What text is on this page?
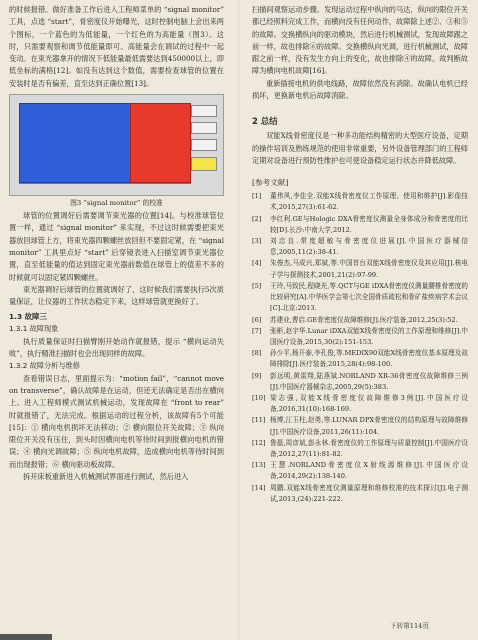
的时候报错。做好准备工作后进入工程师菜单的 “signal monitor” 工具，点选 “start”，骨密度仪开始曝光，这时控制电脑上会出来两个图标，一个蓝色的为低能量，一个红色的为高能量（图3）。这时，只需要观察和调节低能量即可。高能量会在调试的过程中一起变动。在束光器拿开的情况下低能量最低需要达到450000以上，即低坐标的满格[12]。如没有达到这个数值，需要检查球管的位置在安装时是否有偏差，直至达到正确位置[13]。

图3 “signal monitor” 的校准

球管的位置调好后需要调节束光器的位置[14]。与校准球管位置一样，通过 “signal monitor” 来实现，不过这时候需要把束光器放回球管上方，将束光器四颗螺丝放回但不要固定紧，在 “signal monitor” 工具里点好 “start” 后穿镜表进入扫描室调节束光器位置，直至低能量的值达到固定束光器前数值在球管上的值差不多的时候就可以固定紧四颗螺丝。

束光器调好后球管的位置就调好了，这时候我们需要执行5次质量保证，让仪器的工作状态稳定下来，这样球管就更换好了。

1.3 故障三

1.3.1 故障现象

执行质量保证时扫描臂刚开始动作就报错，提示 “横向运动失败”，执行精准扫描时也会出现同样的故障。

1.3.2 故障分析与维修

查看错误日志，里面提示为：“motion fail”，“cannot move on transverse”，确认故障是在运动，但还无法确定是否出在横向上。进入工程师模式测试机械运动，发现故障在 “front to rear” 时就报错了，无法完成。根据运动的过程分析，该故障有5个可能[15]：① 横向电机损坏无法移动；② 横向限位开关故障；③ 纵向限位开关没有压住，到头时因横向电机等待时间到报横向电机的错误；④ 横向光调故障；⑤ 纵向电机故障，造成横向电机等待时间到而出现报错；⑥ 横向驱动板故障。

拆开床板重新进入机械测试界面进行测试，然后进入

扫描间观察运动步骤。发现运动过程中纵向的马达，纵向的限位开关都已经照料完成工作，而横向没有任何动作，故障除上述②、③和⑤的故障。交换横纵向的驱动模块，然后进行机械测试，发现故障跟之前一样，故也排除⑥的故障。交换横纵向光调，进行机械测试，故障跟之前一样，没有发生方向上的变化，故也排除④的故障。故判断故障为横向电机故障[16]。

重新插接电机的供电线路，故障依然没有消除。故确认电机已经损坏，更换新电机后故障消除。

2 总结

双能X线骨密度仪是一种多功能结构精密的大型医疗设备，定期的操作培训及熟练规范的使用非常重要，另外设备管理部门的工程师定期对设备进行预防性维护也可使设备稳定运行状态并降低故障。

[参考文献]

[1]	董伟风,李佳全.双能X线骨密度仪工作原理、使用和维护[J].影像技术,2015,27(3):61-62.
[2]	李红利.GE与Hologic DXA骨密度仪测量全身体成分和骨密度的比较[D].长沙:中南大学,2012.
[3]	刘忠良.常度超敏与骨密度仪进展[J].中国医疗器械信息,2005,11(2):38-41.
[4]	朱俊杰,马成兴,郑斌,等.中国首台双能X线骨密度仪及其应用[J].核电子学与探测技术,2001,21(2):97-99.
[5]	王玲,马致民,程晓光,等.QCT与GE iDXA骨密度仪测量腰椎骨密度的比较研究[A].中华医学会第七次全国骨质疏松和骨矿盐疾病学术会议[C].北京:2013.
[6]	苏建业,曹启.GE骨密度仪故障维修[J].医疗装备,2012,25(3):52.
[7]	张彬,赵宇华.Lunar iDXA双能X线骨密度仪的工作原理和维修[J].中国医疗设备,2015,30(2):151-153.
[8]	孙少平,杨开泰,李孔俊,等.MEDIX90双能X线骨密度仪基本原理及故障排除[J].医疗装备,2015,28(4):98-100.
[9]	彭远明,黄雷翔,陆燕斌.NORLAND XR-36骨密度仪故障维修三例[J].中国医疗器械杂志,2005,29(5):383.
[10] 梁志强,双能X线骨密度仪故障维修3例[J].中国医疗设备,2016,31(10):168-169.
[11] 杨博,江玉柱,赵勇,等.LUNAR DPX骨密度仪的结构原理与故障维修[J].中国医疗设备,2011,26(11):104.
[12] 鲁磊,周彦斌,彭永林.骨密度仪的工作原理与质量控制[J].中国医疗设备,2012,27(11):81-82.
[13] 王慧.NORLAND骨密度仪X射线源维修[J].中国医疗设备,2014,29(2):138-140.
[14] 周鹏.双能X线骨密度仪测量原理和维修校准的技术探讨[J].电子测试,2013,(24):221-222.
下转第114页
